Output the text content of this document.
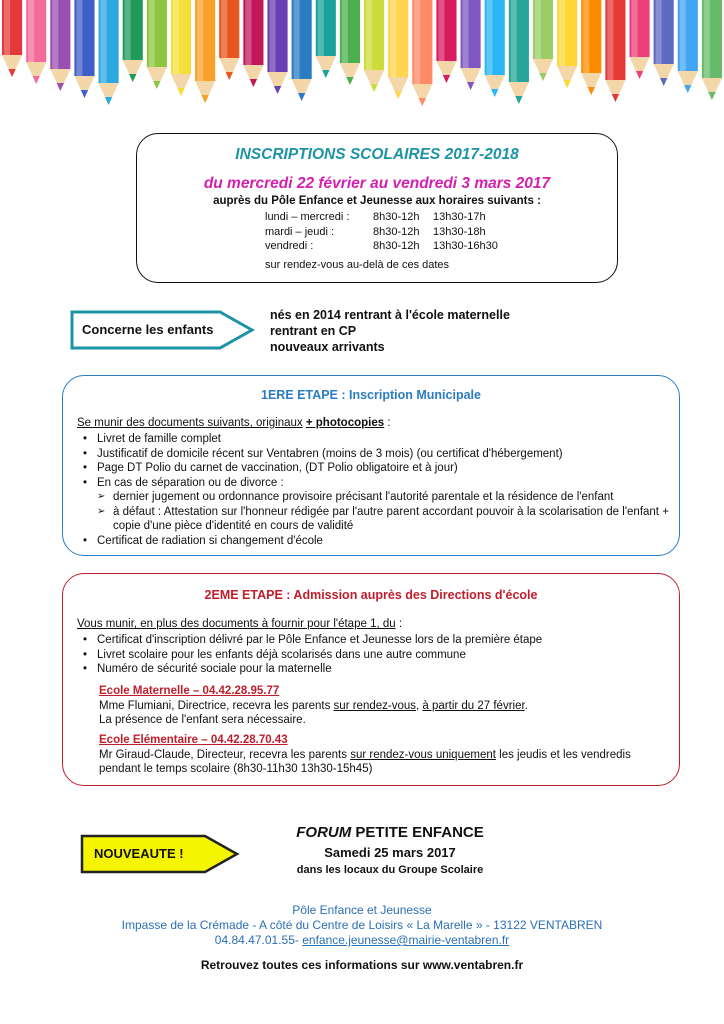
INSCRIPTIONS SCOLAIRES 2017-2018
du mercredi 22 février au vendredi 3 mars 2017
auprès du Pôle Enfance et Jeunesse aux horaires suivants :
lundi – mercredi :	8h30-12h	13h30-17h
mardi – jeudi :	8h30-12h	13h30-18h
vendredi :	8h30-12h	13h30-16h30
sur rendez-vous au-delà de ces dates
Concerne les enfants
nés en 2014 rentrant à l'école maternelle
rentrant en CP
nouveaux arrivants
1ERE ETAPE : Inscription Municipale
Se munir des documents suivants, originaux + photocopies :
• Livret de famille complet
• Justificatif de domicile récent sur Ventabren (moins de 3 mois) (ou certificat d'hébergement)
• Page DT Polio du carnet de vaccination, (DT Polio obligatoire et à jour)
• En cas de séparation ou de divorce :
➢ dernier jugement ou ordonnance provisoire précisant l'autorité parentale et la résidence de l'enfant
➢ à défaut : Attestation sur l'honneur rédigée par l'autre parent accordant pouvoir à la scolarisation de l'enfant + copie d'une pièce d'identité en cours de validité
• Certificat de radiation si changement d'école
2EME ETAPE : Admission auprès des Directions d'école
Vous munir, en plus des documents à fournir pour l'étape 1, du :
• Certificat d'inscription délivré par le Pôle Enfance et Jeunesse lors de la première étape
• Livret scolaire pour les enfants déjà scolarisés dans une autre commune
• Numéro de sécurité sociale pour la maternelle
Ecole Maternelle – 04.42.28.95.77
Mme Flumiani, Directrice, recevra les parents sur rendez-vous, à partir du 27 février.
La présence de l'enfant sera nécessaire.
Ecole Elémentaire – 04.42.28.70.43
Mr Giraud-Claude, Directeur, recevra les parents sur rendez-vous uniquement les jeudis et les vendredis
pendant le temps scolaire (8h30-11h30 13h30-15h45)
NOUVEAUTE !
FORUM PETITE ENFANCE
Samedi 25 mars 2017
dans les locaux du Groupe Scolaire
Pôle Enfance et Jeunesse
Impasse de la Crémade - A côté du Centre de Loisirs « La Marelle » - 13122 VENTABREN
04.84.47.01.55- enfance.jeunesse@mairie-ventabren.fr
Retrouvez toutes ces informations sur www.ventabren.fr
